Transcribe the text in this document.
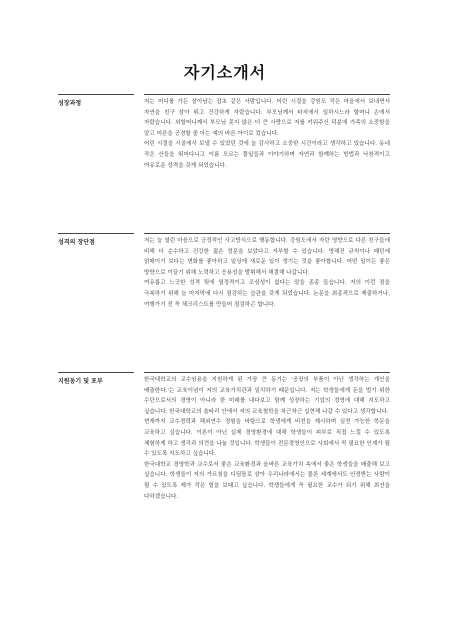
자기소개서
성장과정	저는 어디를 가든 살아남는 잡초 같은 사람입니다. 어린 시절을 강원도 작은 마을에서 보내면서 자연을 친구 삼아 뛰고 건강하게 자랐습니다. 부모님께서 타지에서 일하시느라 할머니 손에서 자랐습니다. 외할머니께서 부모님 못지 않은 더 큰 사랑으로 저를 키워주신 덕분에 가족의 소중함을 알고 어른을 공경할 줄 아는 예의 바른 아이로 컸습니다.

어린 시절을 시골에서 보낼 수 있었던 것에 늘 감사하고 소중한 시간이라고 생각하고 있습니다. 동네 작은 산들을 뛰어다니고 이름 모르는 풀잎들과 이야기하며 자연과 함께하는 방법과 낙천적이고 여유로운 성격을 갖게 되었습니다.

성격의 장단점	저는 늘 열린 마음으로 긍정적인 사고방식으로 행동합니다. 강원도에서 자란 영향으로 다른 친구들에 비해 더 순수하고 건강한 젊은 정문을 보았다고 자부할 수 있습니다. 명해진 규칙이나 패턴에 얽매이기 보다는 변화를 좋아하고 일상에 새로운 일이 생기는 것을 좋아합니다. 어떤 일이든 좋은 방향으로 이끌기 위해 노력하고 응용성을 발휘해서 해결해 나갑니다.

여유롭고 느긋한 성격 뒷에 열정적이고 조심성이 없다는 말을 종종 들습니다. 저의 이런 점을 극복하기 위해 늘 마지막에 다시 점검하는 습관을 갖게 되었습니다. 논문을 최종적으로 제출하거나, 여행가기 전 꼭 체크리스트를 만들어 점검하곤 합니다.

지원동기 및 포부	한국대학교의 교수임용을 지원하게 된 가장 큰 동기는 '공장의 부품이 아닌 생각하는 개인을 배출한다.'는 교육이념이 저의 교육가치관과 일치하기 때문입니다. 저는 학생들에게 돈을 벌기 위한 수단으로서의 경영이 아니라 한 미래를 내다보고 함께 성장하는 기업의 경영에 대해 지도하고 싶습니다. 한국대학교의 울타리 안에서 저의 교육철학을 차근차근 실현해 나갈 수 있다고 생각합니다.

현재까지 교수경력과 해외연수 경험을 바탕으로 학생에게 비전을 제시하며 실전 가능한 학문을 교육하고 싶습니다. 이론이 아닌 실제 경영환경에 대해 학생들이 피부로 직접 느낄 수 있도록 체험하게 하고 생각과 의견을 나눌 것입니다. 학생들이 전문경영인으로 사회에서 꼭 필요한 인재가 될 수 있도록 지도하고 싶습니다.

한국대학교 경영학과 교수로서 좋은 교육환경과 올바른 교육가치 속에서 좋은 학생들을 배출해 보고 싶습니다. 학생들이 저의 가르침을 디딤돌로 삼아 우리나라에서는 물론 세계에서도 인정받는 사람이 될 수 있도록 제가 작은 힘을 보태고 싶습니다. 학생들에게 꼭 필요한 교수가 되기 위해 최선을 다하겠습니다.
